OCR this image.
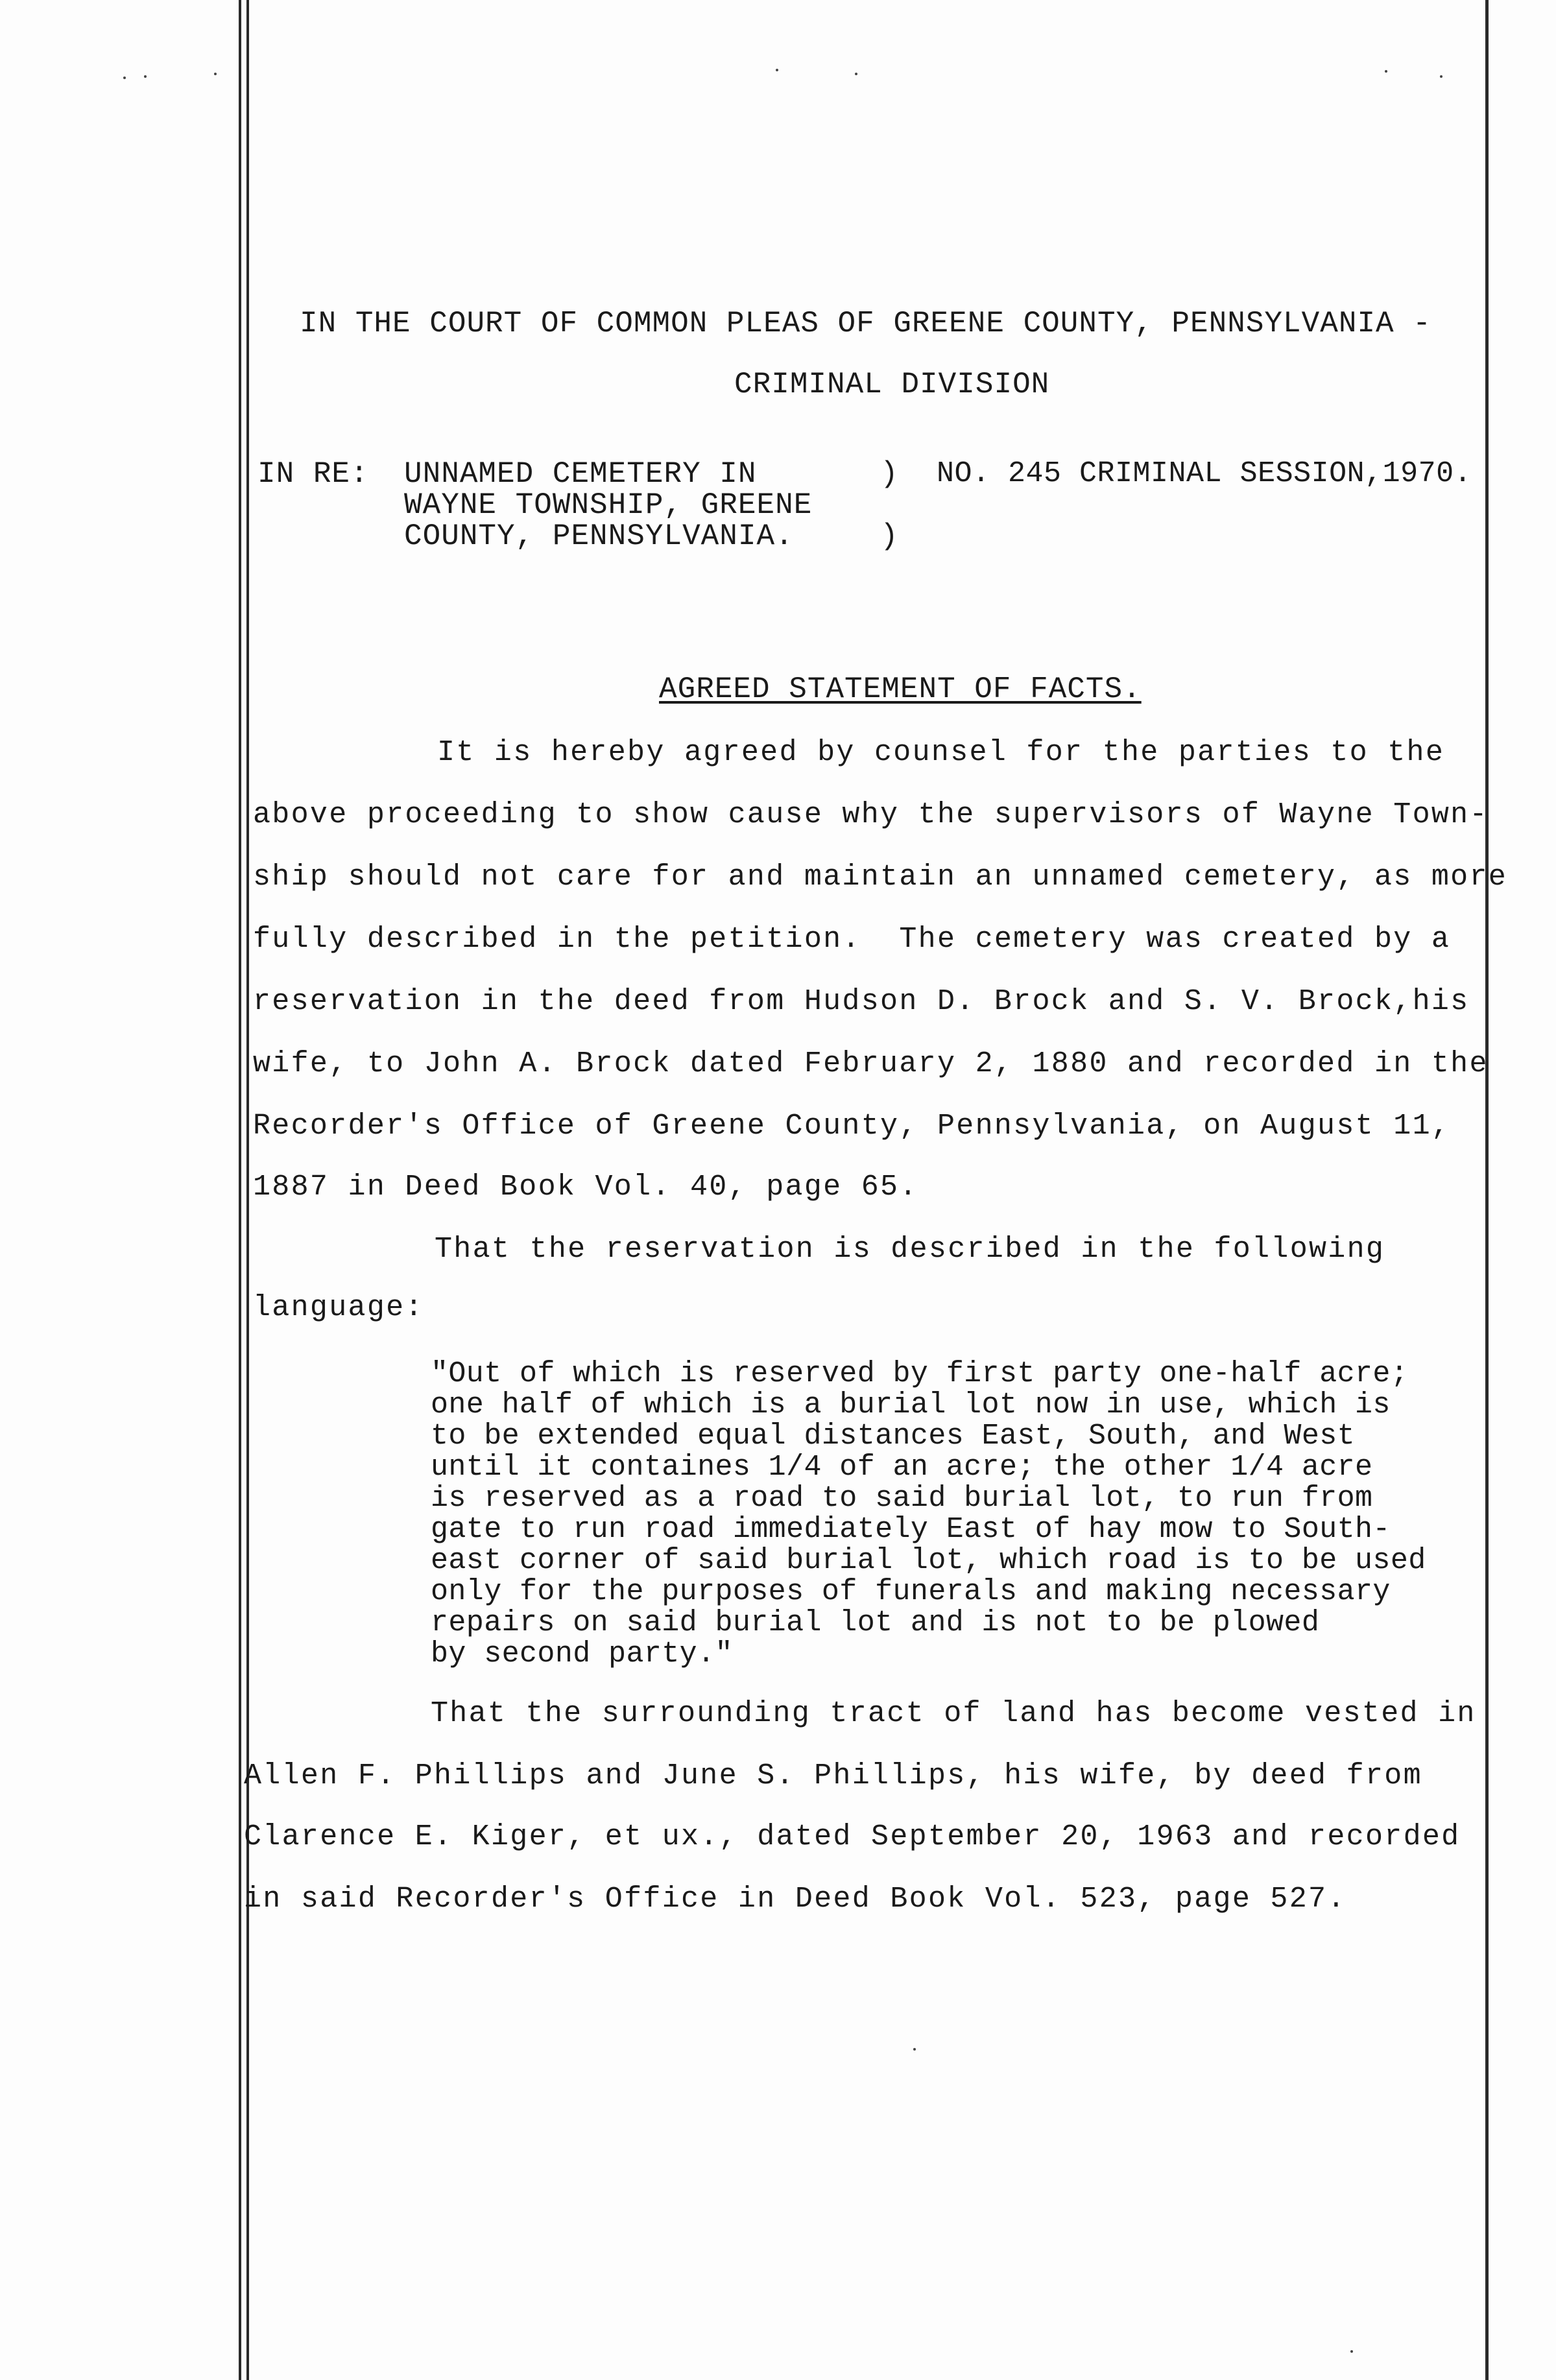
IN THE COURT OF COMMON PLEAS OF GREENE COUNTY, PENNSYLVANIA -
CRIMINAL DIVISION
IN RE: UNNAMED CEMETERY IN
WAYNE TOWNSHIP, GREENE
COUNTY, PENNSYLVANIA.
)
)
NO. 245 CRIMINAL SESSION,1970.
AGREED STATEMENT OF FACTS.
It is hereby agreed by counsel for the parties to the
above proceeding to show cause why the supervisors of Wayne Town-
ship should not care for and maintain an unnamed cemetery, as more
fully described in the petition.  The cemetery was created by a
reservation in the deed from Hudson D. Brock and S. V. Brock,his
wife, to John A. Brock dated February 2, 1880 and recorded in the
Recorder's Office of Greene County, Pennsylvania, on August 11,
1887 in Deed Book Vol. 40, page 65.
That the reservation is described in the following
language:
"Out of which is reserved by first party one-half acre;
one half of which is a burial lot now in use, which is
to be extended equal distances East, South, and West
until it containes 1/4 of an acre; the other 1/4 acre
is reserved as a road to said burial lot, to run from
gate to run road immediately East of hay mow to South-
east corner of said burial lot, which road is to be used
only for the purposes of funerals and making necessary
repairs on said burial lot and is not to be plowed
by second party."
That the surrounding tract of land has become vested in
Allen F. Phillips and June S. Phillips, his wife, by deed from
Clarence E. Kiger, et ux., dated September 20, 1963 and recorded
in said Recorder's Office in Deed Book Vol. 523, page 527.
